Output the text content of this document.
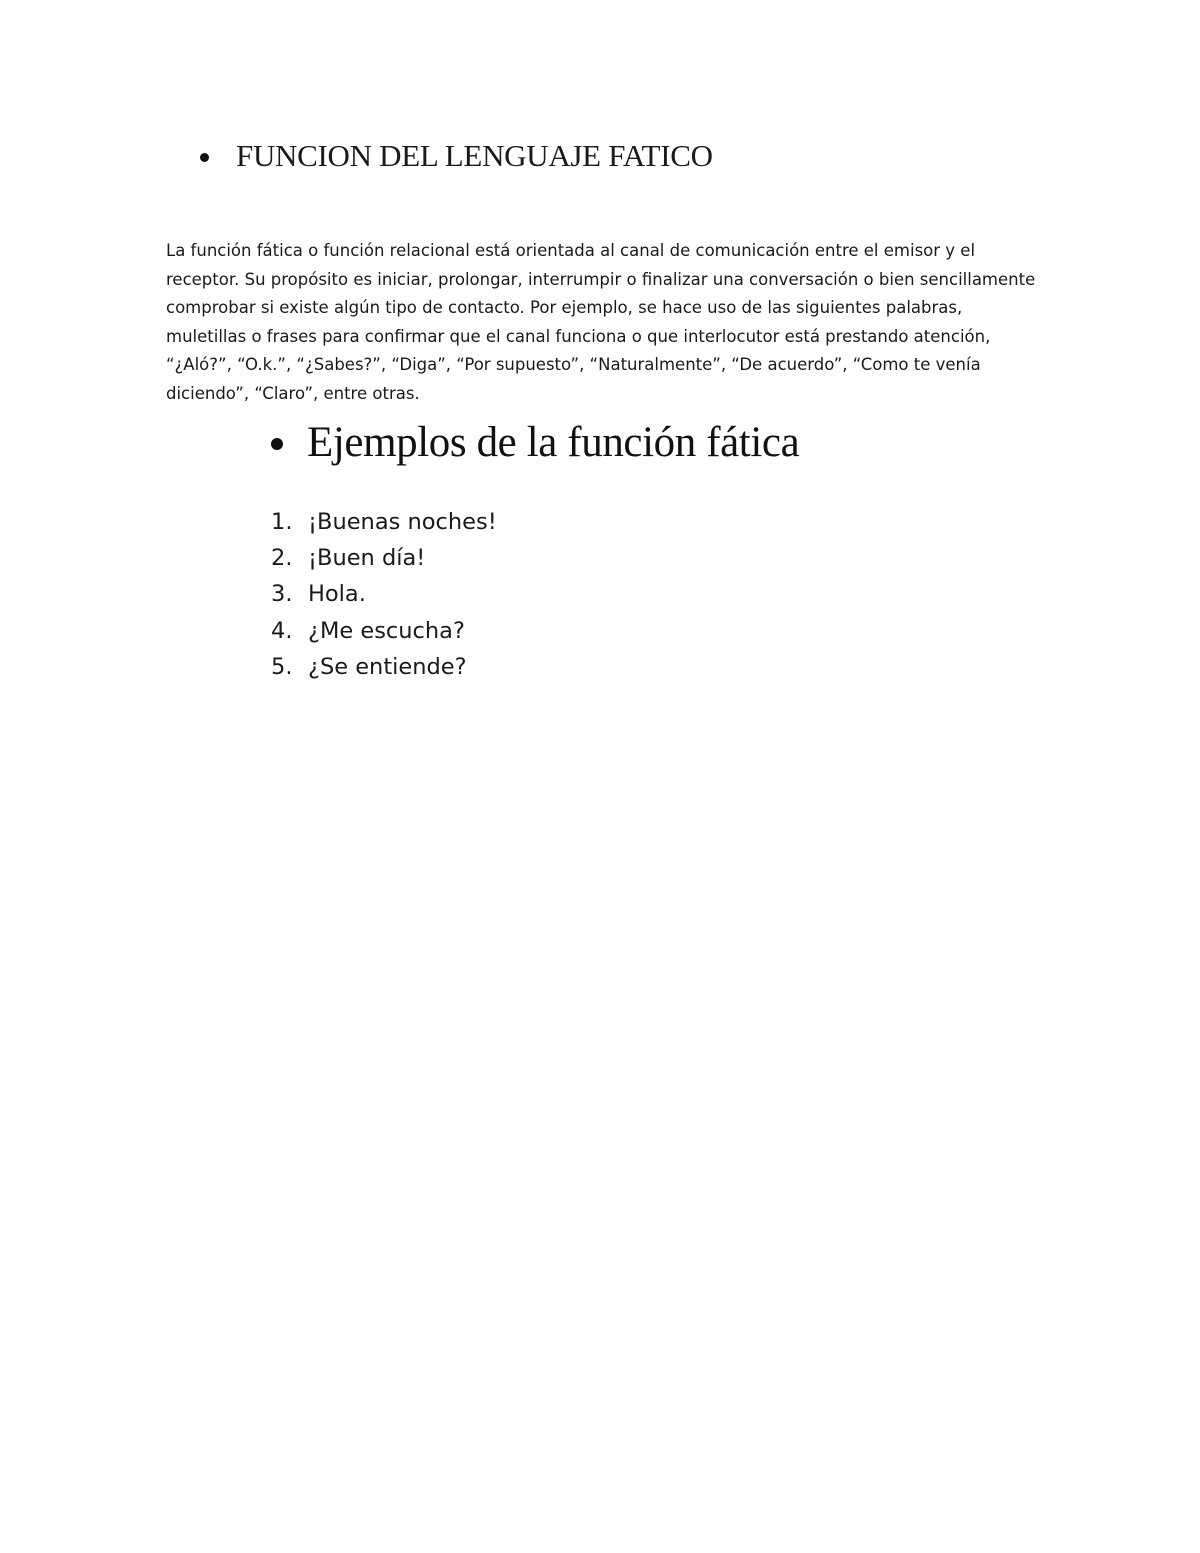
FUNCION DEL LENGUAJE FATICO

La función fática o función relacional está orientada al canal de comunicación entre el emisor y el receptor. Su propósito es iniciar, prolongar, interrumpir o finalizar una conversación o bien sencillamente comprobar si existe algún tipo de contacto. Por ejemplo, se hace uso de las siguientes palabras, muletillas o frases para confirmar que el canal funciona o que interlocutor está prestando atención, “¿Aló?”, “O.k.”, “¿Sabes?”, “Diga”, “Por supuesto”, “Naturalmente”, “De acuerdo”, “Como te venía diciendo”, “Claro”, entre otras.

Ejemplos de la función fática
1. ¡Buenas noches!
2. ¡Buen día!
3. Hola.
4. ¿Me escucha?
5. ¿Se entiende?
